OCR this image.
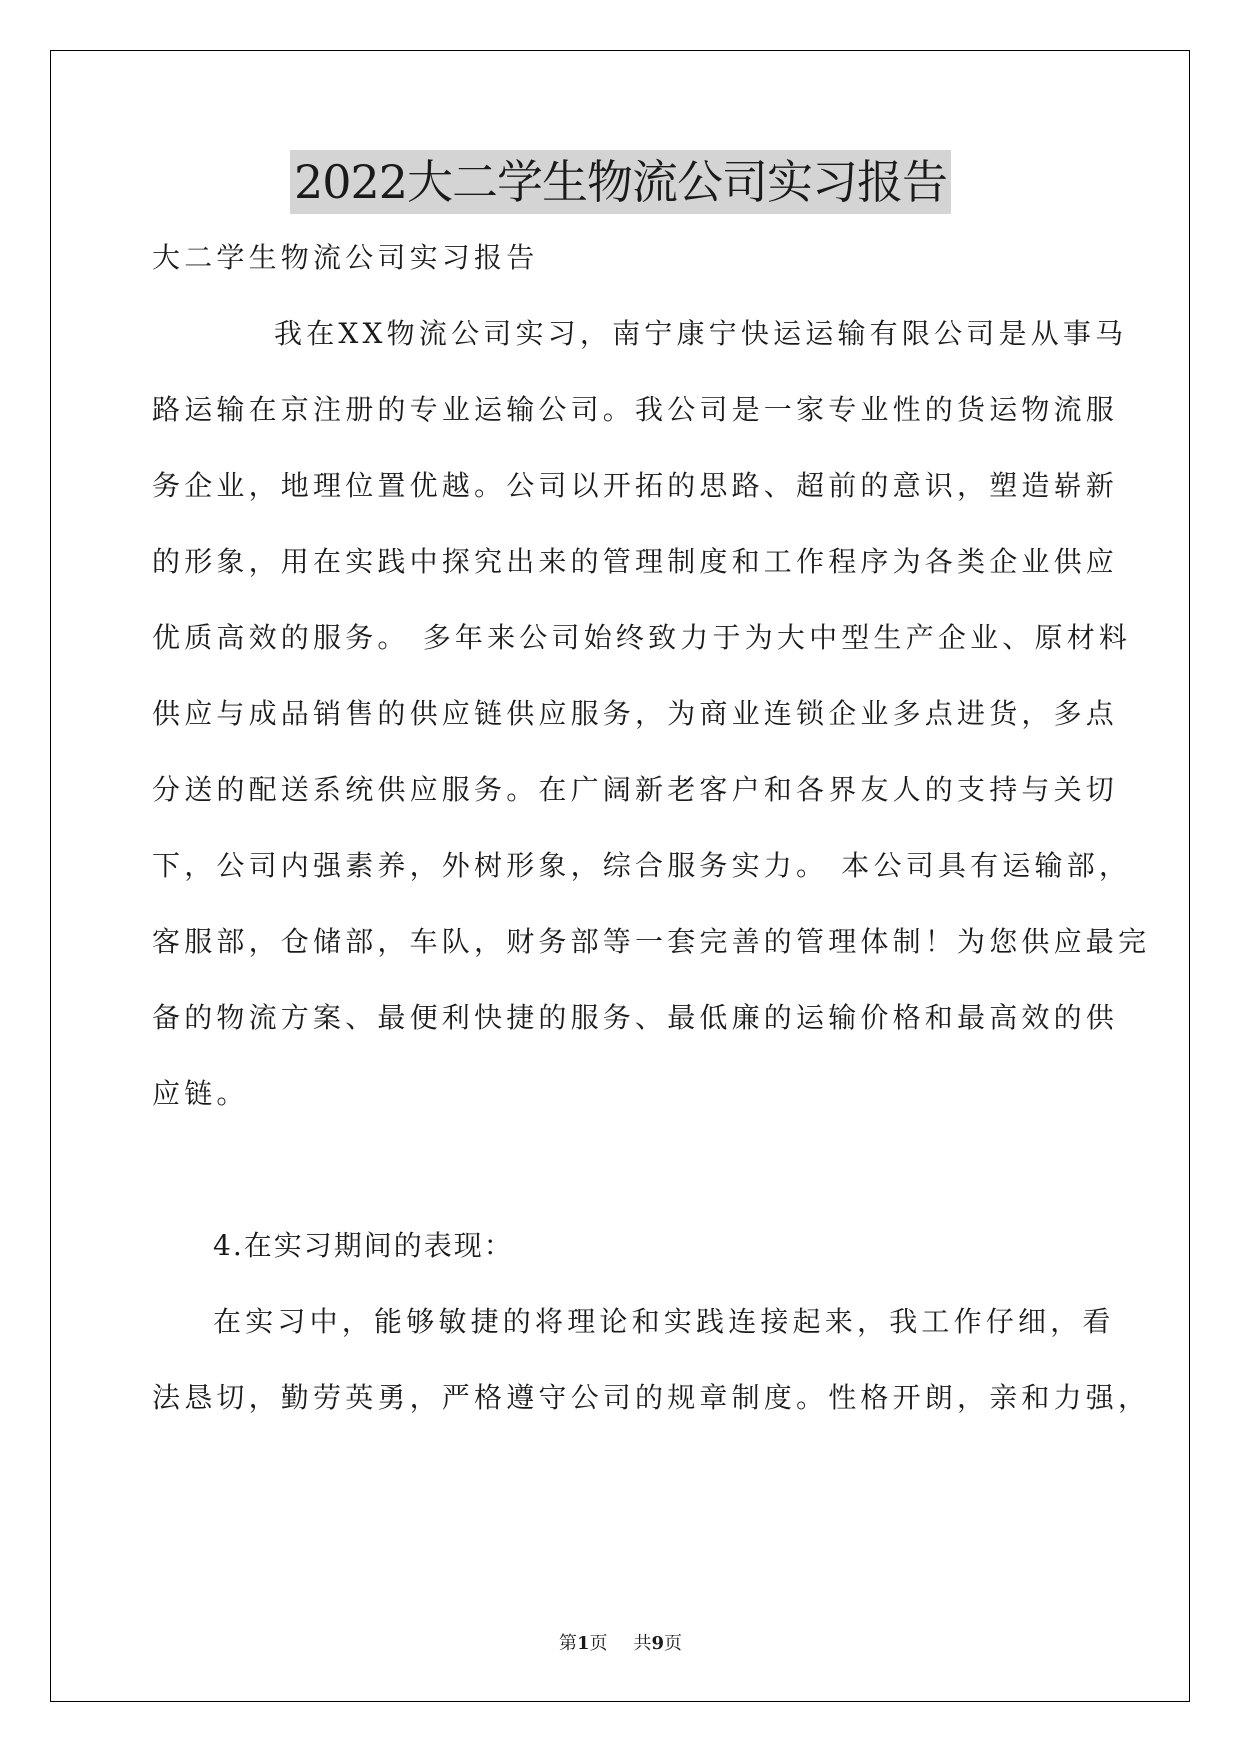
2022大二学生物流公司实习报告
大二学生物流公司实习报告
我在XX物流公司实习，南宁康宁快运运输有限公司是从事马
路运输在京注册的专业运输公司。我公司是一家专业性的货运物流服
务企业，地理位置优越。公司以开拓的思路、超前的意识，塑造崭新
的形象，用在实践中探究出来的管理制度和工作程序为各类企业供应
优质高效的服务。 多年来公司始终致力于为大中型生产企业、原材料
供应与成品销售的供应链供应服务，为商业连锁企业多点进货，多点
分送的配送系统供应服务。在广阔新老客户和各界友人的支持与关切
下，公司内强素养，外树形象，综合服务实力。 本公司具有运输部，
客服部，仓储部，车队，财务部等一套完善的管理体制！为您供应最完
备的物流方案、最便利快捷的服务、最低廉的运输价格和最高效的供
应链。
4.在实习期间的表现：
在实习中，能够敏捷的将理论和实践连接起来，我工作仔细，看
法恳切，勤劳英勇，严格遵守公司的规章制度。性格开朗，亲和力强，
第1页 共9页
